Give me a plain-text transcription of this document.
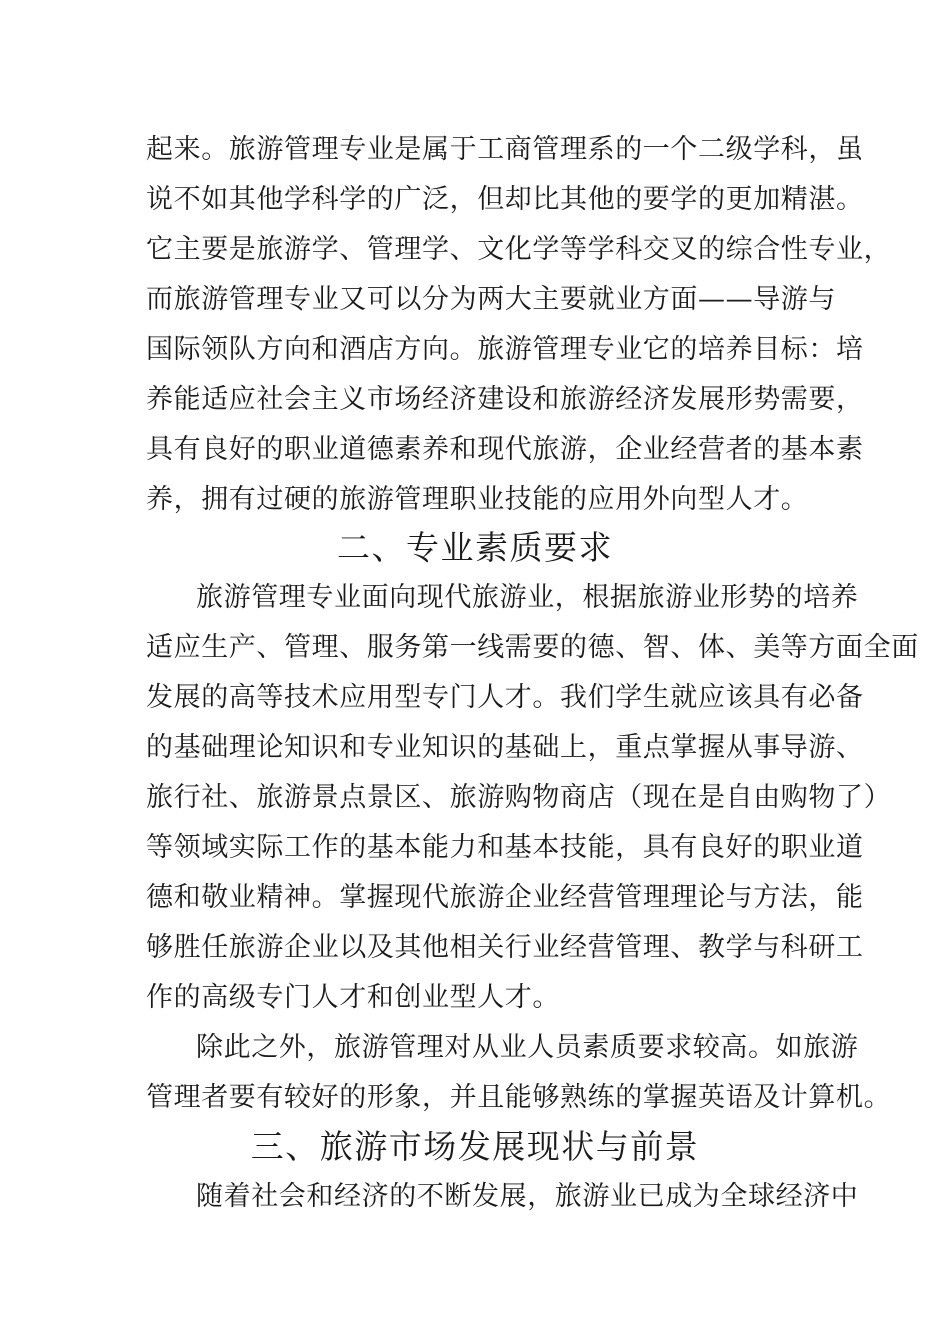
起来。旅游管理专业是属于工商管理系的一个二级学科，虽
说不如其他学科学的广泛，但却比其他的要学的更加精湛。
它主要是旅游学、管理学、文化学等学科交叉的综合性专业，
而旅游管理专业又可以分为两大主要就业方面——导游与
国际领队方向和酒店方向。旅游管理专业它的培养目标：培
养能适应社会主义市场经济建设和旅游经济发展形势需要，
具有良好的职业道德素养和现代旅游，企业经营者的基本素
养，拥有过硬的旅游管理职业技能的应用外向型人才。
二、专业素质要求
旅游管理专业面向现代旅游业，根据旅游业形势的培养
适应生产、管理、服务第一线需要的德、智、体、美等方面全面
发展的高等技术应用型专门人才。我们学生就应该具有必备
的基础理论知识和专业知识的基础上，重点掌握从事导游、
旅行社、旅游景点景区、旅游购物商店（现在是自由购物了）
等领域实际工作的基本能力和基本技能，具有良好的职业道
德和敬业精神。掌握现代旅游企业经营管理理论与方法，能
够胜任旅游企业以及其他相关行业经营管理、教学与科研工
作的高级专门人才和创业型人才。
除此之外，旅游管理对从业人员素质要求较高。如旅游
管理者要有较好的形象，并且能够熟练的掌握英语及计算机。
三、旅游市场发展现状与前景
随着社会和经济的不断发展，旅游业已成为全球经济中
